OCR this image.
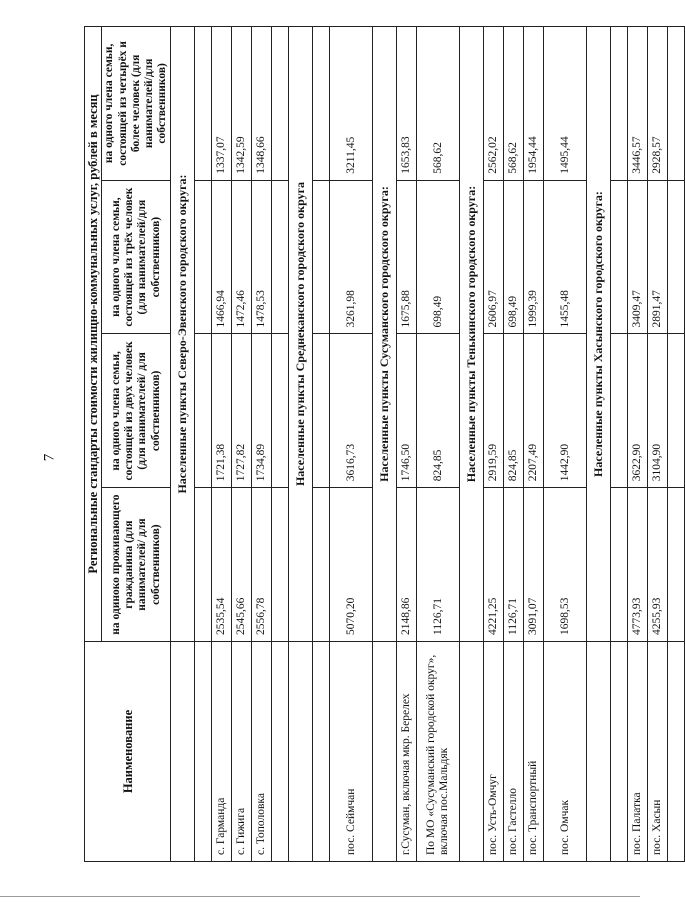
7
Наименование	Региональные стандарты стоимости жилищно-коммунальных услуг, рублей в месяц			
	на одиноко проживающего гражданина (для нанимателей/ для собственников)	на одного члена семьи, состоящей из двух человек (для нанимателей/ для собственников)	на одного члена семьи, состоящей из трёх человек (для нанимателей/для собственников)	на одного члена семьи, состоящей из четырёх и более человек (для нанимателей/для собственников)
	Населенные пункты Северо-Эвенского городского округа:			

с. Гарманда	2535,54	1721,38	1466,94	1337,07
с. Гижига	2545,66	1727,82	1472,46	1342,59
с. Тополовка	2556,78	1734,89	1478,53	1348,66

	Населенные пункты Среднеканского городского округа			

пос. Сеймчан	5070,20	3616,73	3261,98	3211,45
	Населенные пункты Сусуманского городского округа:			
г.Сусуман, включая мкр. Берелех	2148,86	1746,50	1675,88	1653,83
По МО «Сусуманский городской округ», включая пос.Мальдяк	1126,71	824,85	698,49	568,62
	Населенные пункты Тенькинского городского округа:			
пос. Усть-Омчуг	4221,25	2919,59	2606,97	2562,02
пос. Гастелло	1126,71	824,85	698,49	568,62
пос. Транспортный	3091,07	2207,49	1999,39	1954,44
пос. Омчак	1698,53	1442,90	1455,48	1495,44
	Населенные пункты Хасынского городского округа:			

пос. Палатка	4773,93	3622,90	3409,47	3446,57
пос. Хасын	4255,93	3104,90	2891,47	2928,57
